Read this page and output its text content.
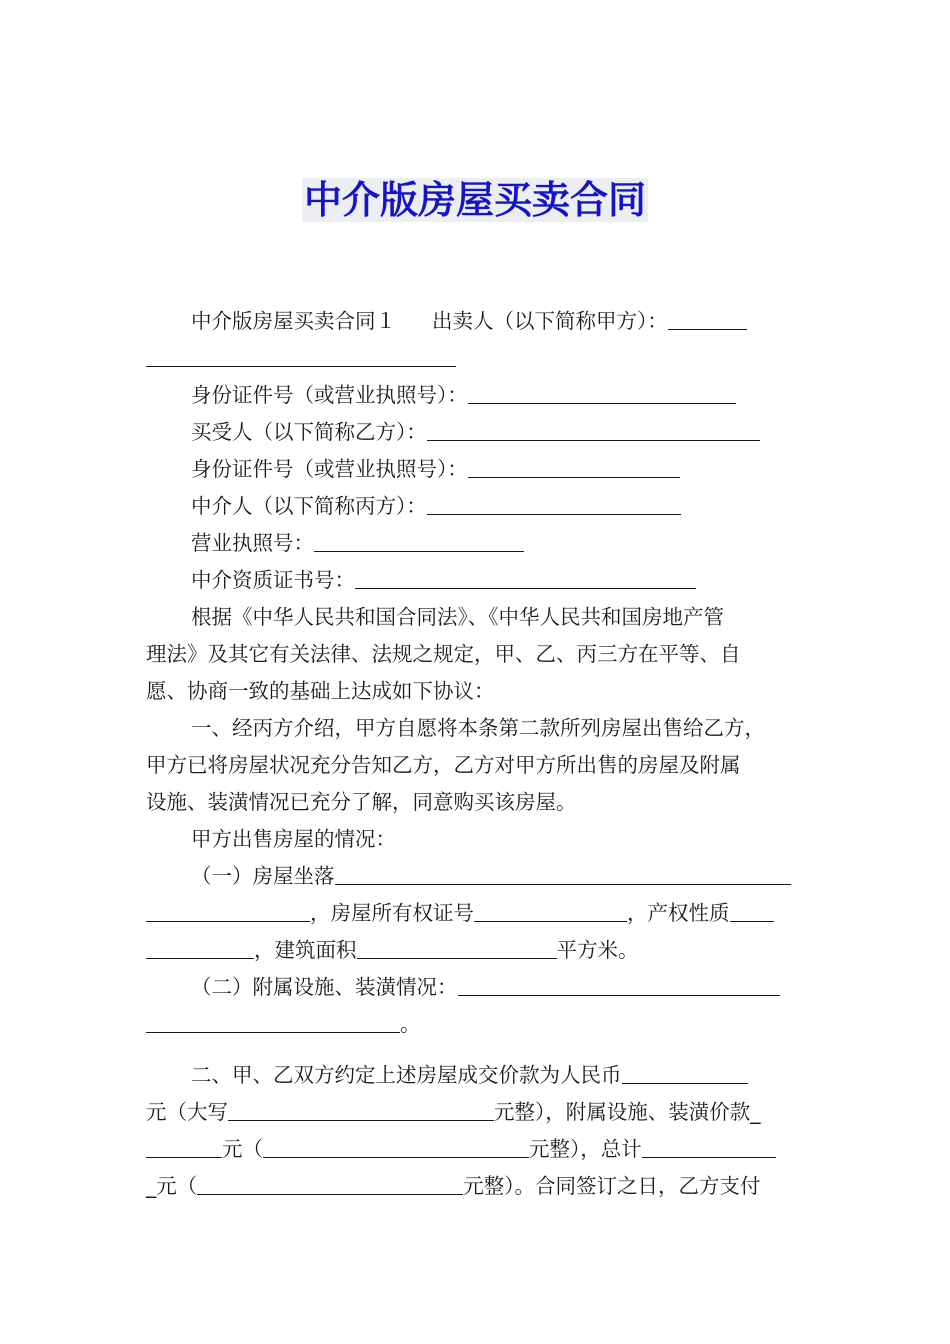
中介版房屋买卖合同
中介版房屋买卖合同１ 出卖人（以下简称甲方）：
身份证件号（或营业执照号）：
买受人（以下简称乙方）：
身份证件号（或营业执照号）：
中介人（以下简称丙方）：
营业执照号：
中介资质证书号：
根据《中华人民共和国合同法》、《中华人民共和国房地产管
理法》及其它有关法律、法规之规定，甲、乙、丙三方在平等、自
愿、协商一致的基础上达成如下协议：
一、经丙方介绍，甲方自愿将本条第二款所列房屋出售给乙方，
甲方已将房屋状况充分告知乙方，乙方对甲方所出售的房屋及附属
设施、装潢情况已充分了解，同意购买该房屋。
甲方出售房屋的情况：
（一）房屋坐落
，房屋所有权证号	，产权性质
，建筑面积	平方米。
（二）附属设施、装潢情况：
。
二、甲、乙双方约定上述房屋成交价款为人民币
元（大写	元整），附属设施、装潢价款_
元（	元整），总计
_元（	元整）。合同签订之日，乙方支付
